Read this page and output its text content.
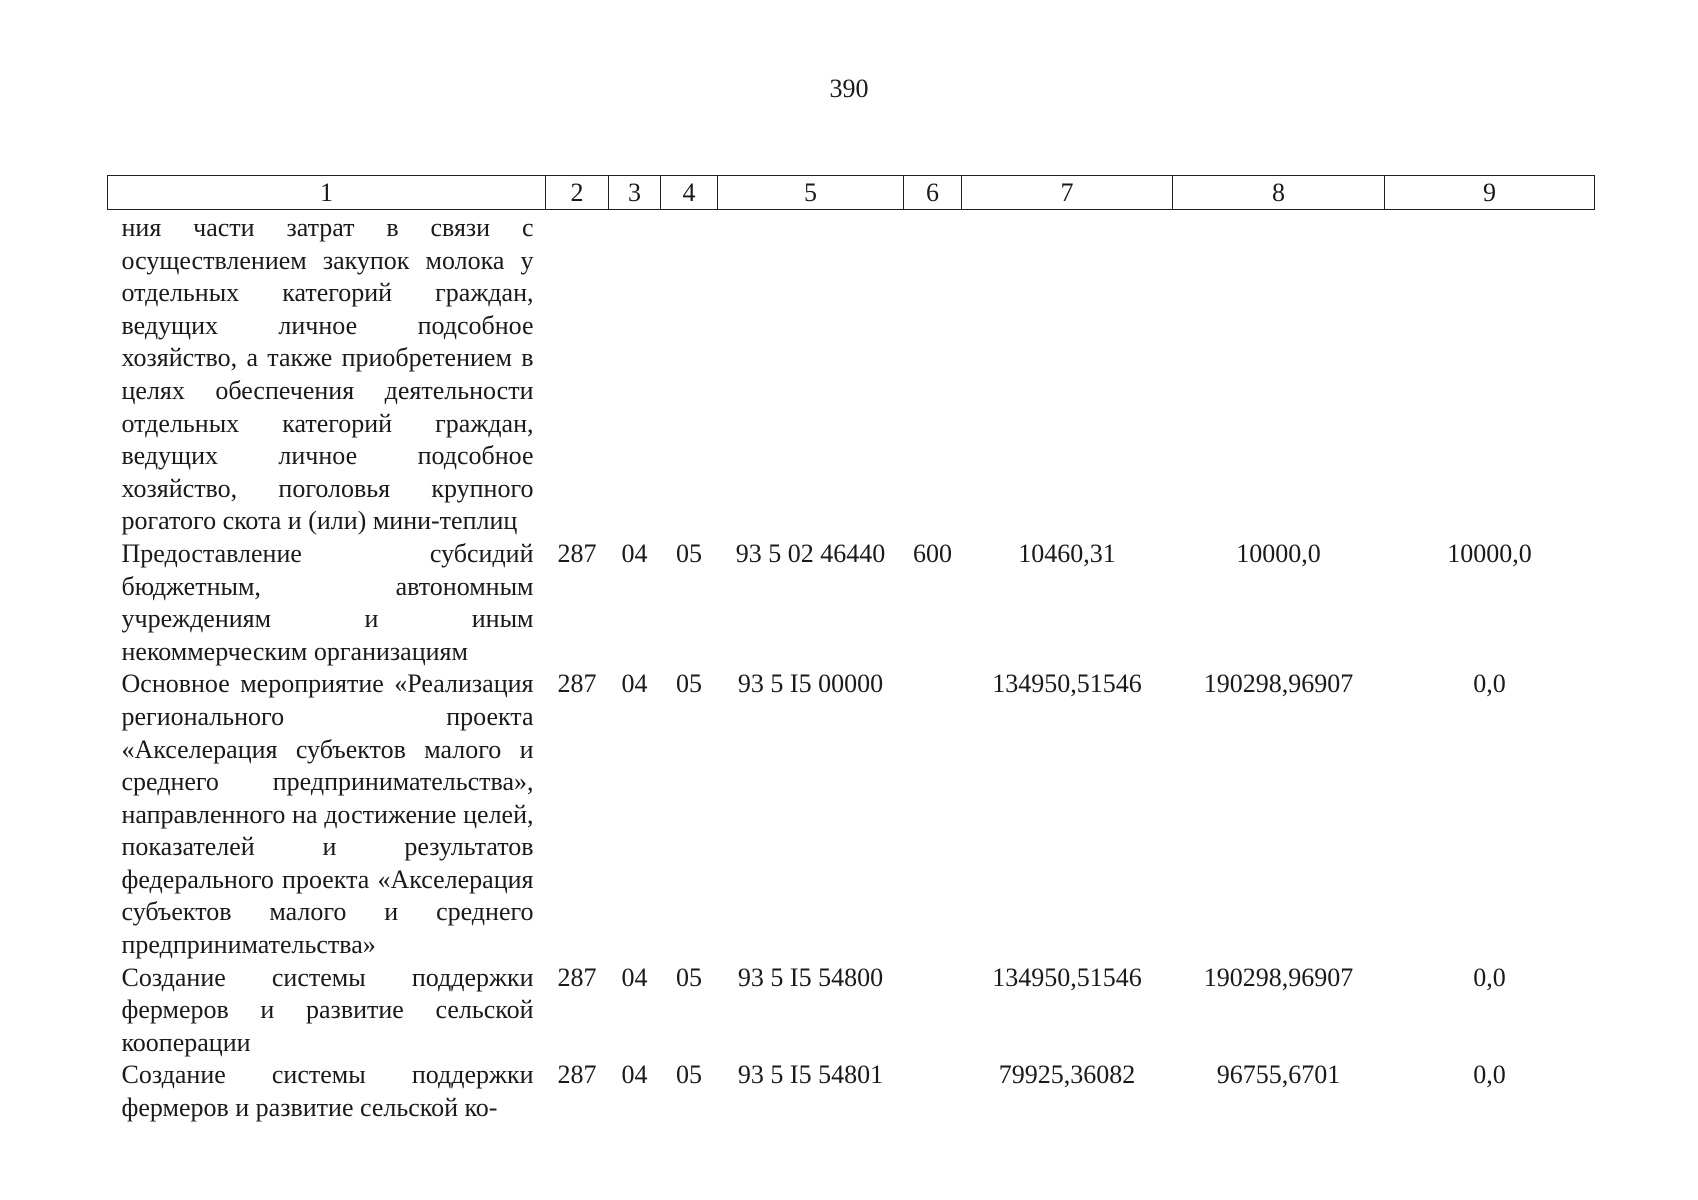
390
1	2	3	4	5	6	7	8	9
ния части затрат в связи с осуществлением закупок молока у отдельных категорий граждан, ведущих личное подсобное хозяйство, а также приобретением в целях обеспечения деятельности отдельных категорий граждан, ведущих личное подсобное хозяйство, поголовья крупного рогатого скота и (или) мини-теплиц								
Предоставление субсидий бюджетным, автономным учреждениям и иным некоммерческим организациям	287	04	05	93 5 02 46440	600	10460,31	10000,0	10000,0
Основное мероприятие «Реализация регионального проекта «Акселерация субъектов малого и среднего предпринимательства», направленного на достижение целей, показателей и результатов федерального проекта «Акселерация субъектов малого и среднего предпринимательства»	287	04	05	93 5 I5 00000		134950,51546	190298,96907	0,0
Создание системы поддержки фермеров и развитие сельской кооперации	287	04	05	93 5 I5 54800		134950,51546	190298,96907	0,0
Создание системы поддержки фермеров и развитие сельской ко-	287	04	05	93 5 I5 54801		79925,36082	96755,6701	0,0
